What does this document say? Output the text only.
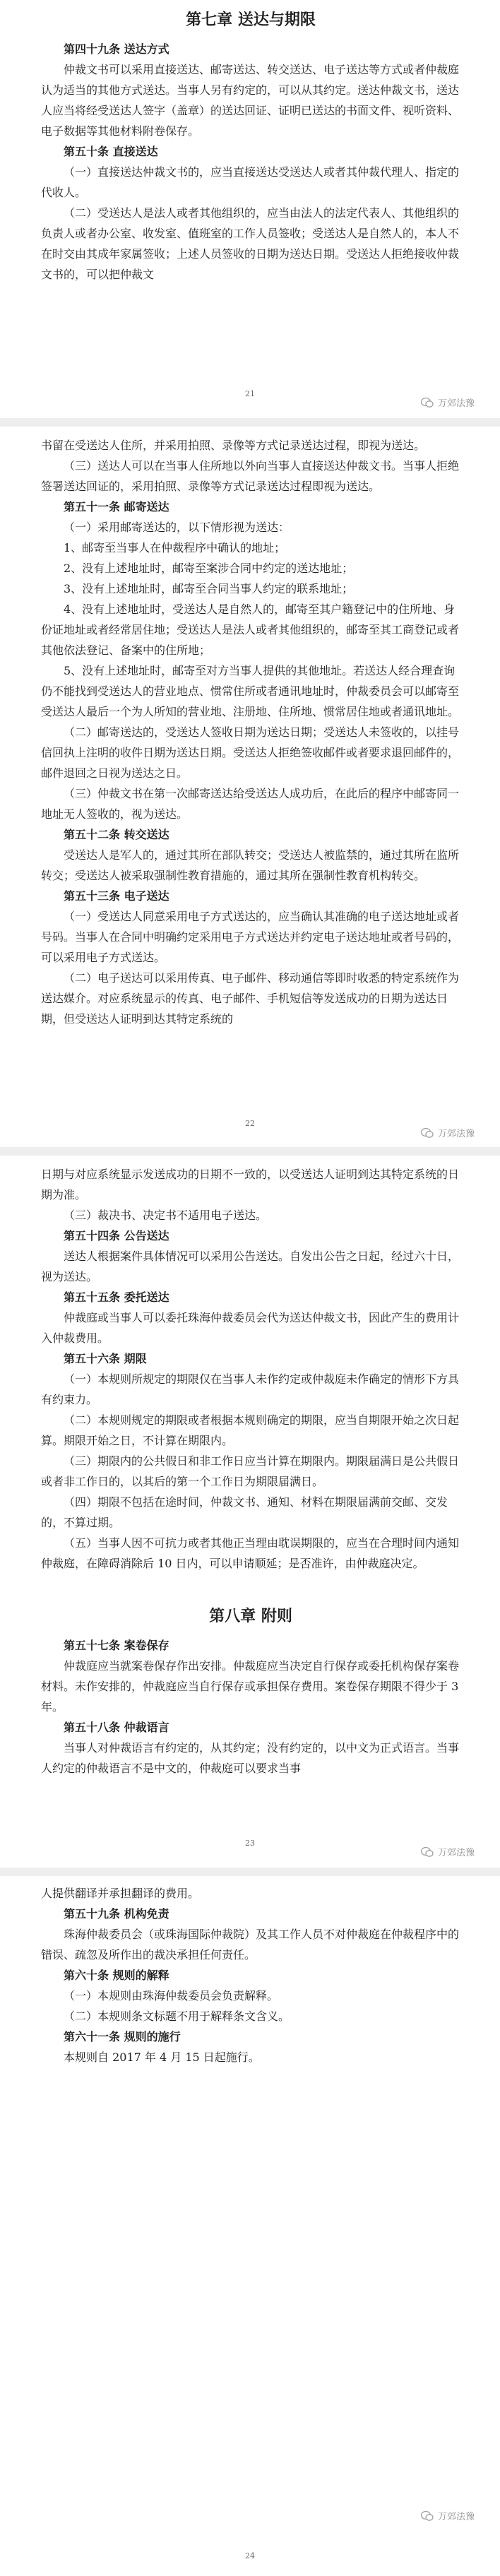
第七章 送达与期限

第四十九条 送达方式

仲裁文书可以采用直接送达、邮寄送达、转交送达、电子送达等方式或者仲裁庭认为适当的其他方式送达。当事人另有约定的，可以从其约定。送达仲裁文书，送达人应当将经受送达人签字（盖章）的送达回证、证明已送达的书面文件、视听资料、电子数据等其他材料附卷保存。

第五十条 直接送达

（一）直接送达仲裁文书的，应当直接送达受送达人或者其仲裁代理人、指定的代收人。

（二）受送达人是法人或者其他组织的，应当由法人的法定代表人、其他组织的负责人或者办公室、收发室、值班室的工作人员签收；受送达人是自然人的，本人不在时交由其成年家属签收；上述人员签收的日期为送达日期。受送达人拒绝接收仲裁文书的，可以把仲裁文

21
万郊法豫

书留在受送达人住所，并采用拍照、录像等方式记录送达过程，即视为送达。

（三）送达人可以在当事人住所地以外向当事人直接送达仲裁文书。当事人拒绝签署送达回证的，采用拍照、录像等方式记录送达过程即视为送达。

第五十一条 邮寄送达

（一）采用邮寄送达的，以下情形视为送达：

1、邮寄至当事人在仲裁程序中确认的地址；

2、没有上述地址时，邮寄至案涉合同中约定的送达地址；

3、没有上述地址时，邮寄至合同当事人约定的联系地址；

4、没有上述地址时，受送达人是自然人的，邮寄至其户籍登记中的住所地、身份证地址或者经常居住地；受送达人是法人或者其他组织的，邮寄至其工商登记或者其他依法登记、备案中的住所地；

5、没有上述地址时，邮寄至对方当事人提供的其他地址。若送达人经合理查询仍不能找到受送达人的营业地点、惯常住所或者通讯地址时，仲裁委员会可以邮寄至受送达人最后一个为人所知的营业地、注册地、住所地、惯常居住地或者通讯地址。

（二）邮寄送达的，受送达人签收日期为送达日期；受送达人未签收的，以挂号信回执上注明的收件日期为送达日期。受送达人拒绝签收邮件或者要求退回邮件的，邮件退回之日视为送达之日。

（三）仲裁文书在第一次邮寄送达给受送达人成功后，在此后的程序中邮寄同一地址无人签收的，视为送达。

第五十二条 转交送达

受送达人是军人的，通过其所在部队转交；受送达人被监禁的，通过其所在监所转交；受送达人被采取强制性教育措施的，通过其所在强制性教育机构转交。

第五十三条 电子送达

（一）受送达人同意采用电子方式送达的，应当确认其准确的电子送达地址或者号码。当事人在合同中明确约定采用电子方式送达并约定电子送达地址或者号码的，可以采用电子方式送达。

（二）电子送达可以采用传真、电子邮件、移动通信等即时收悉的特定系统作为送达媒介。对应系统显示的传真、电子邮件、手机短信等发送成功的日期为送达日期，但受送达人证明到达其特定系统的

22
万郊法豫

日期与对应系统显示发送成功的日期不一致的，以受送达人证明到达其特定系统的日期为准。

（三）裁决书、决定书不适用电子送达。

第五十四条 公告送达

送达人根据案件具体情况可以采用公告送达。自发出公告之日起，经过六十日，视为送达。

第五十五条 委托送达

仲裁庭或当事人可以委托珠海仲裁委员会代为送达仲裁文书，因此产生的费用计入仲裁费用。

第五十六条 期限

（一）本规则所规定的期限仅在当事人未作约定或仲裁庭未作确定的情形下方具有约束力。

（二）本规则规定的期限或者根据本规则确定的期限，应当自期限开始之次日起算。期限开始之日，不计算在期限内。

（三）期限内的公共假日和非工作日应当计算在期限内。期限届满日是公共假日或者非工作日的，以其后的第一个工作日为期限届满日。

（四）期限不包括在途时间，仲裁文书、通知、材料在期限届满前交邮、交发的，不算过期。

（五）当事人因不可抗力或者其他正当理由耽误期限的，应当在合理时间内通知仲裁庭，在障碍消除后 10 日内，可以申请顺延；是否准许，由仲裁庭决定。

第八章 附则

第五十七条 案卷保存

仲裁庭应当就案卷保存作出安排。仲裁庭应当决定自行保存或委托机构保存案卷材料。未作安排的，仲裁庭应当自行保存或承担保存费用。案卷保存期限不得少于 3 年。

第五十八条 仲裁语言

当事人对仲裁语言有约定的，从其约定；没有约定的，以中文为正式语言。当事人约定的仲裁语言不是中文的，仲裁庭可以要求当事

23
万郊法豫

人提供翻译并承担翻译的费用。

第五十九条 机构免责

珠海仲裁委员会（或珠海国际仲裁院）及其工作人员不对仲裁庭在仲裁程序中的错误、疏忽及所作出的裁决承担任何责任。

第六十条 规则的解释

（一）本规则由珠海仲裁委员会负责解释。

（二）本规则条文标题不用于解释条文含义。

第六十一条 规则的施行

本规则自 2017 年 4 月 15 日起施行。

万郊法豫
24
